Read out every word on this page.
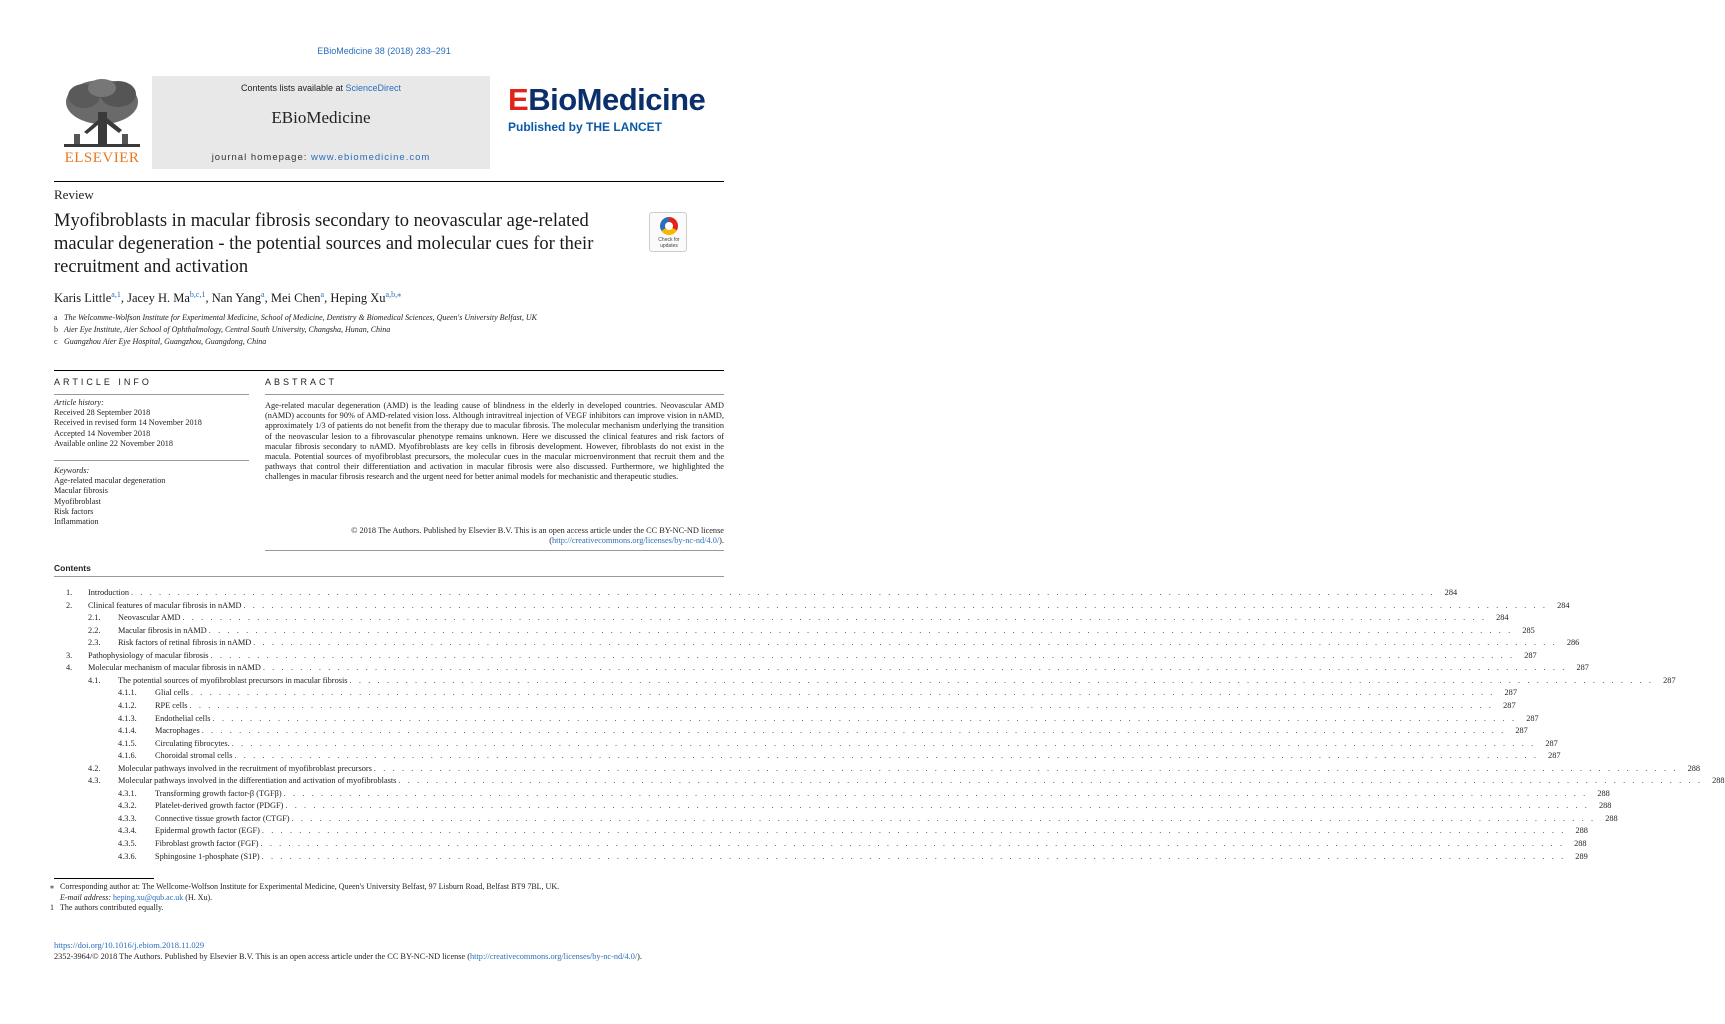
EBioMedicine 38 (2018) 283–291
ELSEVIER
Contents lists available at ScienceDirect
EBioMedicine
journal homepage: www.ebiomedicine.com
EBioMedicine
Published by THE LANCET
Review
Myofibroblasts in macular fibrosis secondary to neovascular age-related macular degeneration - the potential sources and molecular cues for their recruitment and activation
Check for updates
Karis Little$^{a,1}$, Jacey H. Ma$^{b,c,1}$, Nan Yang$^a$, Mei Chen$^a$, Heping $Xu^{a,b,⁎}$
a The Welcomme-Wolfson Institute for Experimental Medicine, School of Medicine, Dentistry & Biomedical Sciences, Queen's University Belfast, UK
b Aier Eye Institute, Aier School of Ophthalmology, Central South University, Changsha, Hunan, China
c Guangzhou Aier Eye Hospital, Guangzhou, Guangdong, China
ARTICLE INFO	ABSTRACT
Article history:
Received 28 September 2018
Received in revised form 14 November 2018
Accepted 14 November 2018
Available online 22 November 2018
Keywords:
Age-related macular degeneration
Macular fibrosis
Myofibroblast
Risk factors
Inflammation
Age-related macular degeneration (AMD) is the leading cause of blindness in the elderly in developed countries. Neovascular AMD (nAMD) accounts for 90% of AMD-related vision loss. Although intravitreal injection of VEGF inhibitors can improve vision in nAMD, approximately 1/3 of patients do not benefit from the therapy due to macular fibrosis. The molecular mechanism underlying the transition of the neovascular lesion to a fibrovascular phenotype remains unknown. Here we discussed the clinical features and risk factors of macular fibrosis secondary to nAMD. Myofibroblasts are key cells in fibrosis development. However, fibroblasts do not exist in the macula. Potential sources of myofibroblast precursors, the molecular cues in the macular microenvironment that recruit them and the pathways that control their differentiation and activation in macular fibrosis were also discussed. Furthermore, we highlighted the challenges in macular fibrosis research and the urgent need for better animal models for mechanistic and therapeutic studies.
© 2018 The Authors. Published by Elsevier B.V. This is an open access article under the CC BY-NC-ND license
(http://creativecommons.org/licenses/by-nc-nd/4.0/).
Contents
1.	Introduction . . . . . . . . . . . . . . . . . . . . . . . . . . . . . . . . . . . . . . . . . . . . . . . . . . . . . . . . . . . . . . . . . . . . . . . . . . . . . . . . . . . . . . . . . . . . . . . . . . . . . . . . . . . . . . . . . . . . . . . . . . . . . . . . . . . . . . . . . . . .	284
2.	Clinical features of macular fibrosis in nAMD . . . . . . . . . . . . . . . . . . . . . . . . . . . . . . . . . . . . . . . . . . . . . . . . . . . . . . . . . . . . . . . . . . . . . . . . . . . . . . . . . . . . . . . . . . . . . . . . . . . . . . . . . . . . . . . . . . . . . . . . . . . . . . . . . . . . . . . . . . . .	284
2.1.	Neovascular AMD . . . . . . . . . . . . . . . . . . . . . . . . . . . . . . . . . . . . . . . . . . . . . . . . . . . . . . . . . . . . . . . . . . . . . . . . . . . . . . . . . . . . . . . . . . . . . . . . . . . . . . . . . . . . . . . . . . . . . . . . . . . . . . . . . . . . . . . . . . . .	284
2.2.	Macular fibrosis in nAMD . . . . . . . . . . . . . . . . . . . . . . . . . . . . . . . . . . . . . . . . . . . . . . . . . . . . . . . . . . . . . . . . . . . . . . . . . . . . . . . . . . . . . . . . . . . . . . . . . . . . . . . . . . . . . . . . . . . . . . . . . . . . . . . . . . . . . . . . . . . .	285
2.3.	Risk factors of retinal fibrosis in nAMD . . . . . . . . . . . . . . . . . . . . . . . . . . . . . . . . . . . . . . . . . . . . . . . . . . . . . . . . . . . . . . . . . . . . . . . . . . . . . . . . . . . . . . . . . . . . . . . . . . . . . . . . . . . . . . . . . . . . . . . . . . . . . . . . . . . . . . . . . . . .	286
3.	Pathophysiology of macular fibrosis . . . . . . . . . . . . . . . . . . . . . . . . . . . . . . . . . . . . . . . . . . . . . . . . . . . . . . . . . . . . . . . . . . . . . . . . . . . . . . . . . . . . . . . . . . . . . . . . . . . . . . . . . . . . . . . . . . . . . . . . . . . . . . . . . . . . . . . . . . . .	287
4.	Molecular mechanism of macular fibrosis in nAMD . . . . . . . . . . . . . . . . . . . . . . . . . . . . . . . . . . . . . . . . . . . . . . . . . . . . . . . . . . . . . . . . . . . . . . . . . . . . . . . . . . . . . . . . . . . . . . . . . . . . . . . . . . . . . . . . . . . . . . . . . . . . . . . . . . . . . . . . . . . .	287
4.1.	The potential sources of myofibroblast precursors in macular fibrosis . . . . . . . . . . . . . . . . . . . . . . . . . . . . . . . . . . . . . . . . . . . . . . . . . . . . . . . . . . . . . . . . . . . . . . . . . . . . . . . . . . . . . . . . . . . . . . . . . . . . . . . . . . . . . . . . . . . . . . . . . . . . . . . . . . . . . . . . . . . .	287
4.1.1.	Glial cells . . . . . . . . . . . . . . . . . . . . . . . . . . . . . . . . . . . . . . . . . . . . . . . . . . . . . . . . . . . . . . . . . . . . . . . . . . . . . . . . . . . . . . . . . . . . . . . . . . . . . . . . . . . . . . . . . . . . . . . . . . . . . . . . . . . . . . . . . . . .	287
4.1.2.	RPE cells . . . . . . . . . . . . . . . . . . . . . . . . . . . . . . . . . . . . . . . . . . . . . . . . . . . . . . . . . . . . . . . . . . . . . . . . . . . . . . . . . . . . . . . . . . . . . . . . . . . . . . . . . . . . . . . . . . . . . . . . . . . . . . . . . . . . . . . . . . . .	287
4.1.3.	Endothelial cells . . . . . . . . . . . . . . . . . . . . . . . . . . . . . . . . . . . . . . . . . . . . . . . . . . . . . . . . . . . . . . . . . . . . . . . . . . . . . . . . . . . . . . . . . . . . . . . . . . . . . . . . . . . . . . . . . . . . . . . . . . . . . . . . . . . . . . . . . . . .	287
4.1.4.	Macrophages . . . . . . . . . . . . . . . . . . . . . . . . . . . . . . . . . . . . . . . . . . . . . . . . . . . . . . . . . . . . . . . . . . . . . . . . . . . . . . . . . . . . . . . . . . . . . . . . . . . . . . . . . . . . . . . . . . . . . . . . . . . . . . . . . . . . . . . . . . . .	287
4.1.5.	Circulating fibrocytes. . . . . . . . . . . . . . . . . . . . . . . . . . . . . . . . . . . . . . . . . . . . . . . . . . . . . . . . . . . . . . . . . . . . . . . . . . . . . . . . . . . . . . . . . . . . . . . . . . . . . . . . . . . . . . . . . . . . . . . . . . . . . . . . . . . . . . . . . . . . .	287
4.1.6.	Choroidal stromal cells . . . . . . . . . . . . . . . . . . . . . . . . . . . . . . . . . . . . . . . . . . . . . . . . . . . . . . . . . . . . . . . . . . . . . . . . . . . . . . . . . . . . . . . . . . . . . . . . . . . . . . . . . . . . . . . . . . . . . . . . . . . . . . . . . . . . . . . . . . . .	287
4.2.	Molecular pathways involved in the recruitment of myofibroblast precursors . . . . . . . . . . . . . . . . . . . . . . . . . . . . . . . . . . . . . . . . . . . . . . . . . . . . . . . . . . . . . . . . . . . . . . . . . . . . . . . . . . . . . . . . . . . . . . . . . . . . . . . . . . . . . . . . . . . . . . . . . . . . . . . . . . . . . . . . . . . .	288
4.3.	Molecular pathways involved in the differentiation and activation of myofibroblasts . . . . . . . . . . . . . . . . . . . . . . . . . . . . . . . . . . . . . . . . . . . . . . . . . . . . . . . . . . . . . . . . . . . . . . . . . . . . . . . . . . . . . . . . . . . . . . . . . . . . . . . . . . . . . . . . . . . . . . . . . . . . . . . . . . . . . . . . . . . .	288
4.3.1.	Transforming growth factor-β (TGFβ) . . . . . . . . . . . . . . . . . . . . . . . . . . . . . . . . . . . . . . . . . . . . . . . . . . . . . . . . . . . . . . . . . . . . . . . . . . . . . . . . . . . . . . . . . . . . . . . . . . . . . . . . . . . . . . . . . . . . . . . . . . . . . . . . . . . . . . . . . . . .	288
4.3.2.	Platelet-derived growth factor (PDGF) . . . . . . . . . . . . . . . . . . . . . . . . . . . . . . . . . . . . . . . . . . . . . . . . . . . . . . . . . . . . . . . . . . . . . . . . . . . . . . . . . . . . . . . . . . . . . . . . . . . . . . . . . . . . . . . . . . . . . . . . . . . . . . . . . . . . . . . . . . . .	288
4.3.3.	Connective tissue growth factor (CTGF) . . . . . . . . . . . . . . . . . . . . . . . . . . . . . . . . . . . . . . . . . . . . . . . . . . . . . . . . . . . . . . . . . . . . . . . . . . . . . . . . . . . . . . . . . . . . . . . . . . . . . . . . . . . . . . . . . . . . . . . . . . . . . . . . . . . . . . . . . . . .	288
4.3.4.	Epidermal growth factor (EGF) . . . . . . . . . . . . . . . . . . . . . . . . . . . . . . . . . . . . . . . . . . . . . . . . . . . . . . . . . . . . . . . . . . . . . . . . . . . . . . . . . . . . . . . . . . . . . . . . . . . . . . . . . . . . . . . . . . . . . . . . . . . . . . . . . . . . . . . . . . . .	288
4.3.5.	Fibroblast growth factor (FGF) . . . . . . . . . . . . . . . . . . . . . . . . . . . . . . . . . . . . . . . . . . . . . . . . . . . . . . . . . . . . . . . . . . . . . . . . . . . . . . . . . . . . . . . . . . . . . . . . . . . . . . . . . . . . . . . . . . . . . . . . . . . . . . . . . . . . . . . . . . . .	288
4.3.6.	Sphingosine 1-phosphate (S1P) . . . . . . . . . . . . . . . . . . . . . . . . . . . . . . . . . . . . . . . . . . . . . . . . . . . . . . . . . . . . . . . . . . . . . . . . . . . . . . . . . . . . . . . . . . . . . . . . . . . . . . . . . . . . . . . . . . . . . . . . . . . . . . . . . . . . . . . . . . . .	289
⁎ Corresponding author at: The Wellcome-Wolfson Institute for Experimental Medicine, Queen's University Belfast, 97 Lisburn Road, Belfast BT9 7BL, UK.
E-mail address: heping.xu@qub.ac.uk (H. Xu).
1 The authors contributed equally.
https://doi.org/10.1016/j.ebiom.2018.11.029
2352-3964/© 2018 The Authors. Published by Elsevier B.V. This is an open access article under the CC BY-NC-ND license (http://creativecommons.org/licenses/by-nc-nd/4.0/).
